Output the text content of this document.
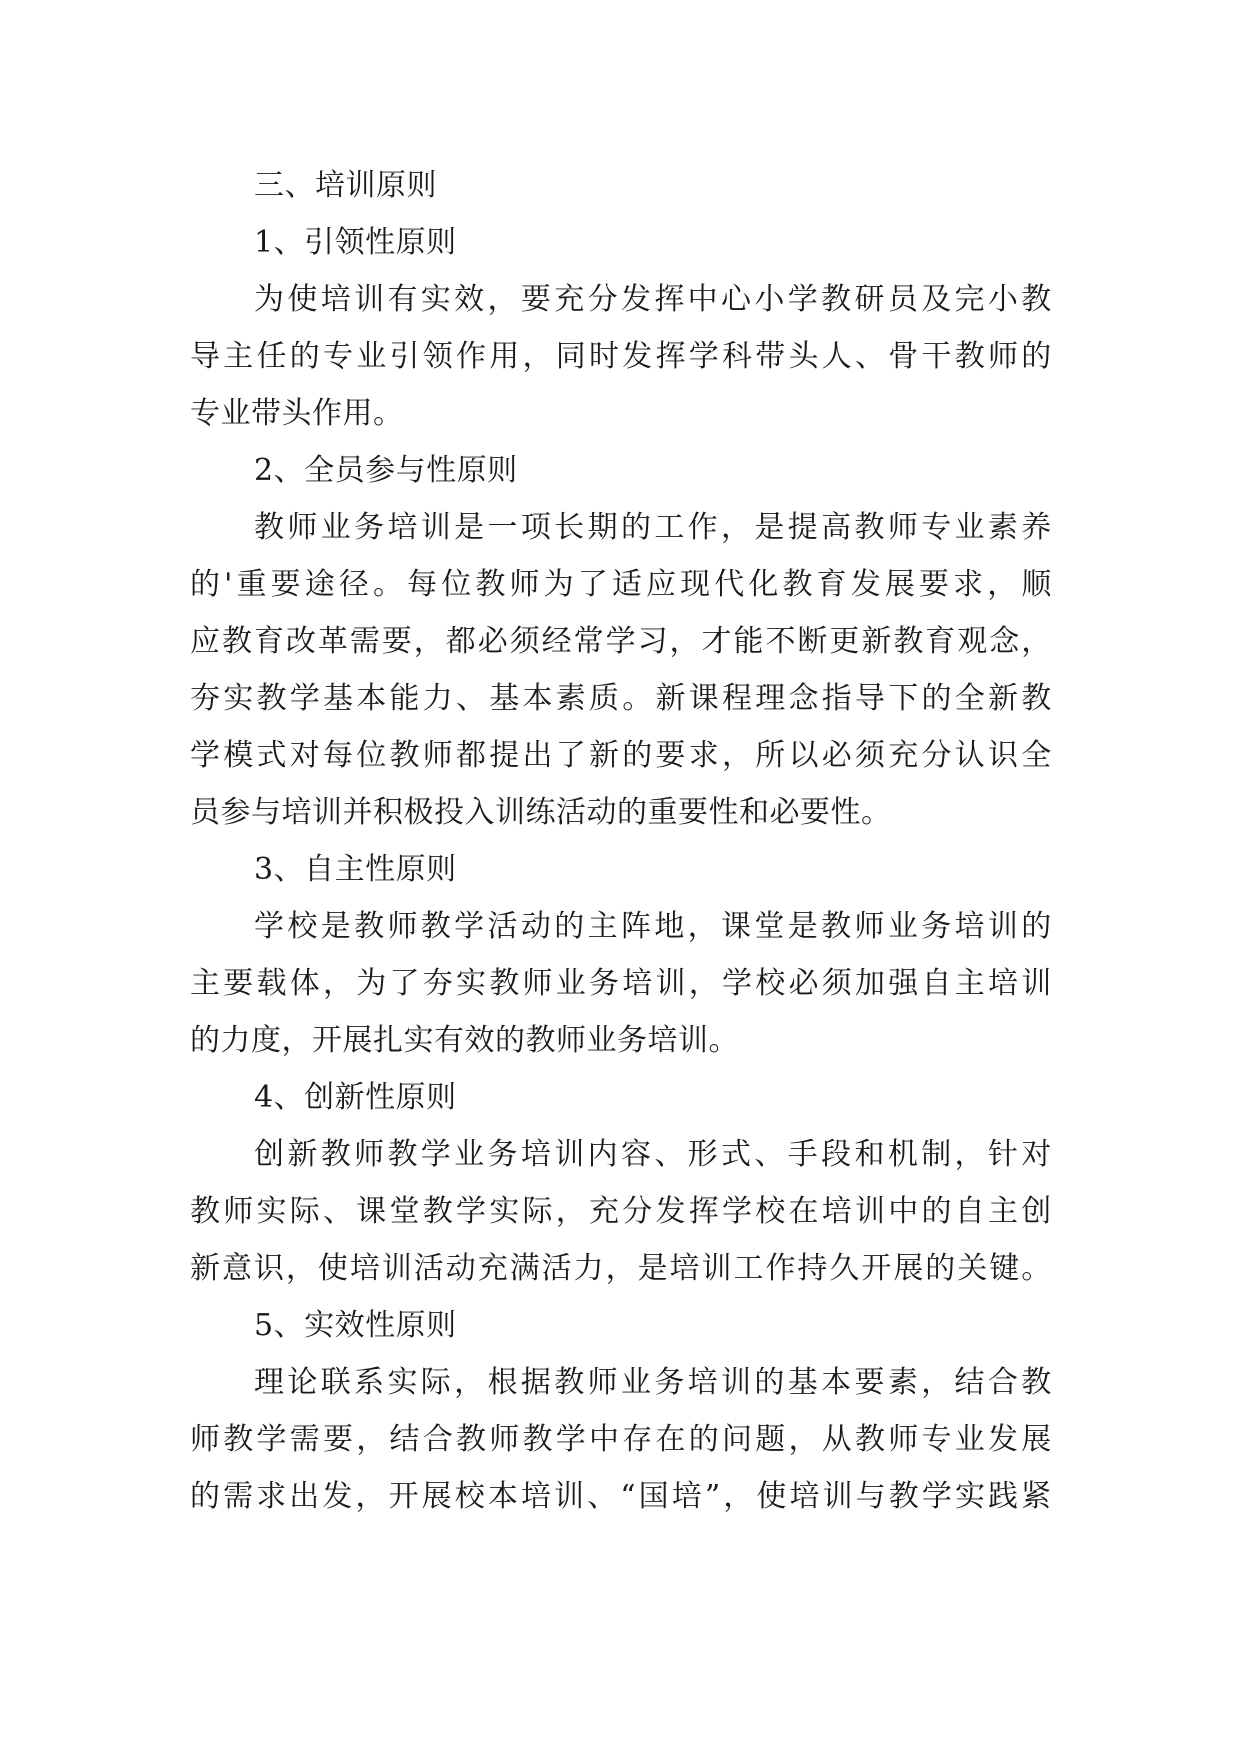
三、培训原则
1、引领性原则
为 使 培 训 有 实 效 ， 要 充 分 发 挥 中 心 小 学 教 研 员 及 完 小 教
导 主 任 的 专 业 引 领 作 用 ， 同 时 发 挥 学 科 带 头 人 、 骨 干 教 师 的
专业带头作用。
2、全员参与性原则
教 师 业 务 培 训 是 一 项 长 期 的 工 作 ， 是 提 高 教 师 专 业 素 养
的 ' 重 要 途 径 。 每 位 教 师 为 了 适 应 现 代 化 教 育 发 展 要 求 ， 顺
应 教 育 改 革 需 要 ， 都 必 须 经 常 学 习 ， 才 能 不 断 更 新 教 育 观 念 ，
夯 实 教 学 基 本 能 力 、 基 本 素 质 。 新 课 程 理 念 指 导 下 的 全 新 教
学 模 式 对 每 位 教 师 都 提 出 了 新 的 要 求 ， 所 以 必 须 充 分 认 识 全
员参与培训并积极投入训练活动的重要性和必要性。
3、自主性原则
学 校 是 教 师 教 学 活 动 的 主 阵 地 ， 课 堂 是 教 师 业 务 培 训 的
主 要 载 体 ， 为 了 夯 实 教 师 业 务 培 训 ， 学 校 必 须 加 强 自 主 培 训
的力度，开展扎实有效的教师业务培训。
4、创新性原则
创 新 教 师 教 学 业 务 培 训 内 容 、 形 式 、 手 段 和 机 制 ， 针 对
教 师 实 际 、 课 堂 教 学 实 际 ， 充 分 发 挥 学 校 在 培 训 中 的 自 主 创
新 意 识 ， 使 培 训 活 动 充 满 活 力 ， 是 培 训 工 作 持 久 开 展 的 关 键 。
5、实效性原则
理 论 联 系 实 际 ， 根 据 教 师 业 务 培 训 的 基 本 要 素 ， 结 合 教
师 教 学 需 要 ， 结 合 教 师 教 学 中 存 在 的 问 题 ， 从 教 师 专 业 发 展
的 需 求 出 发 ， 开 展 校 本 培 训 、 “ 国 培 ” ， 使 培 训 与 教 学 实 践 紧
